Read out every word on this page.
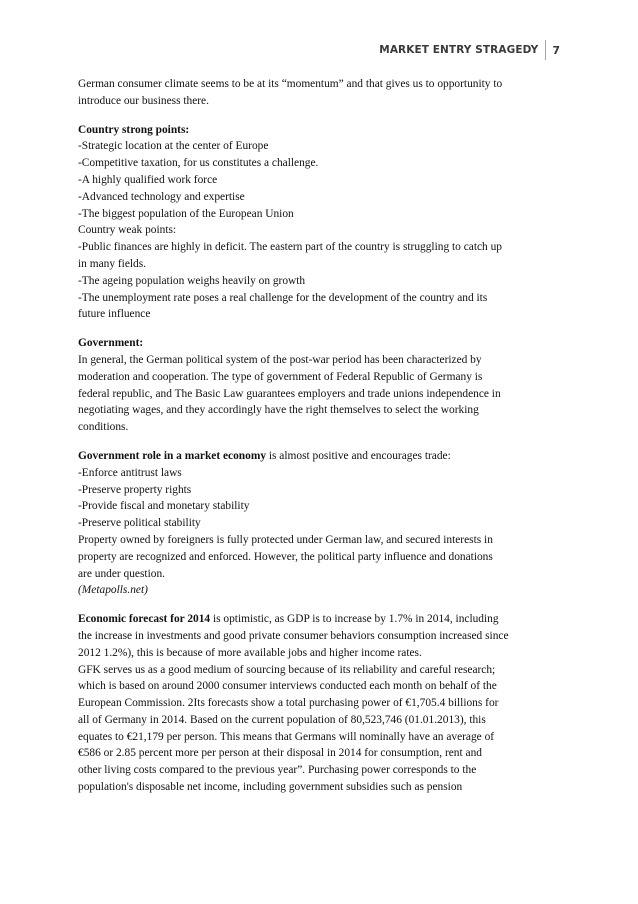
MARKET ENTRY STRAGEDY 7
German consumer climate seems to be at its “momentum” and that gives us to opportunity to
introduce our business there.
Country strong points:
-Strategic location at the center of Europe
-Competitive taxation, for us constitutes a challenge.
-A highly qualified work force
-Advanced technology and expertise
-The biggest population of the European Union
Country weak points:
-Public finances are highly in deficit. The eastern part of the country is struggling to catch up
in many fields.
-The ageing population weighs heavily on growth
-The unemployment rate poses a real challenge for the development of the country and its
future influence
Government:
In general, the German political system of the post-war period has been characterized by
moderation and cooperation. The type of government of Federal Republic of Germany is
federal republic, and The Basic Law guarantees employers and trade unions independence in
negotiating wages, and they accordingly have the right themselves to select the working
conditions.
Government role in a market economy is almost positive and encourages trade:
-Enforce antitrust laws
-Preserve property rights
-Provide fiscal and monetary stability
-Preserve political stability
Property owned by foreigners is fully protected under German law, and secured interests in
property are recognized and enforced. However, the political party influence and donations
are under question.
(Metapolls.net)
Economic forecast for 2014 is optimistic, as GDP is to increase by 1.7% in 2014, including
the increase in investments and good private consumer behaviors consumption increased since
2012 1.2%), this is because of more available jobs and higher income rates.
GFK serves us as a good medium of sourcing because of its reliability and careful research;
which is based on around 2000 consumer interviews conducted each month on behalf of the
European Commission. 2Its forecasts show a total purchasing power of €1,705.4 billions for
all of Germany in 2014. Based on the current population of 80,523,746 (01.01.2013), this
equates to €21,179 per person. This means that Germans will nominally have an average of
€586 or 2.85 percent more per person at their disposal in 2014 for consumption, rent and
other living costs compared to the previous year”. Purchasing power corresponds to the
population's disposable net income, including government subsidies such as pension
